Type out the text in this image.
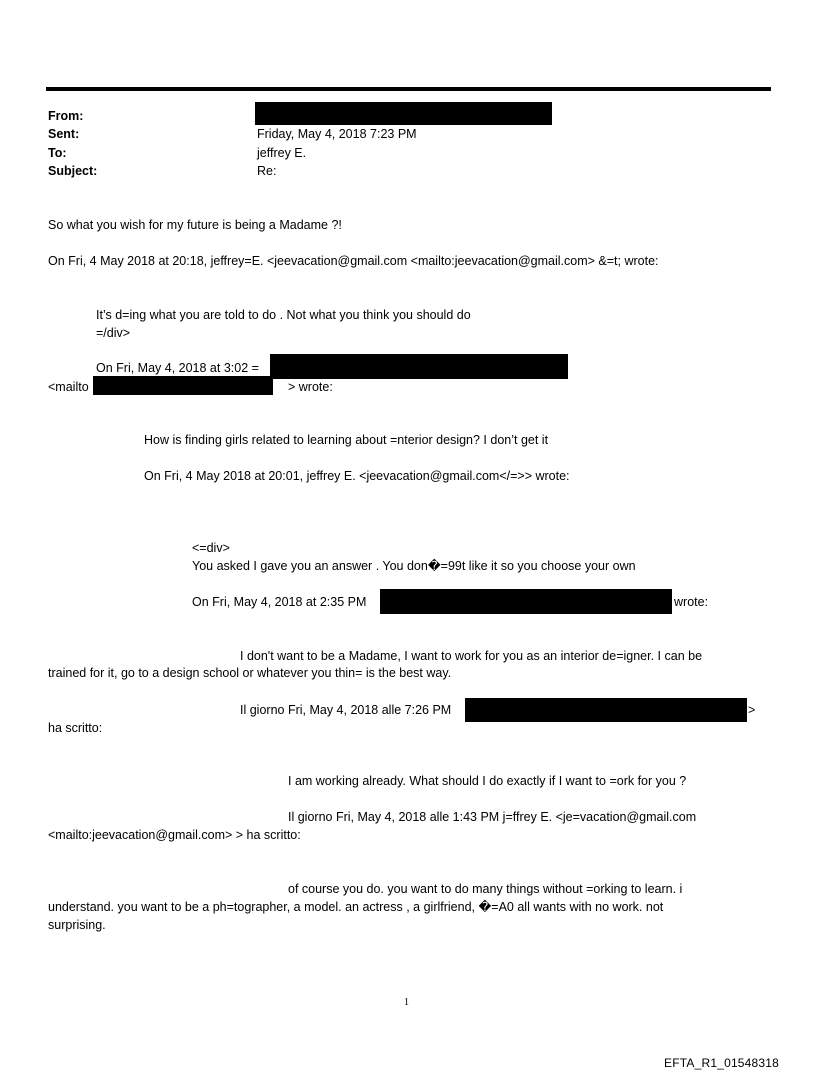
From:
Sent:	Friday, May 4, 2018 7:23 PM
To:	jeffrey E.
Subject:	Re:
So what you wish for my future is being a Madame ?!
On Fri, 4 May 2018 at 20:18, jeffrey=E. <jeevacation@gmail.com <mailto:jeevacation@gmail.com> &=t; wrote:
It’s d=ing what you are told to do . Not what you think you should do
=/div>
On Fri, May 4, 2018 at 3:02 =
<mailto	> wrote:
How is finding girls related to learning about =nterior design? I don’t get it
On Fri, 4 May 2018 at 20:01, jeffrey E. <jeevacation@gmail.com</=>> wrote:
<=div>
You asked I gave you an answer . You don�=99t like it so you choose your own
On Fri, May 4, 2018 at 2:35 PM	wrote:
I don't want to be a Madame, I want to work for you as an interior de=igner. I can be
trained for it, go to a design school or whatever you thin= is the best way.
Il giorno Fri, May 4, 2018 alle 7:26 PM	>
ha scritto:
I am working already. What should I do exactly if I want to =ork for you ?
Il giorno Fri, May 4, 2018 alle 1:43 PM j=ffrey E. <je=vacation@gmail.com
<mailto:jeevacation@gmail.com> > ha scritto:
of course you do. you want to do many things without =orking to learn. i
understand. you want to be a ph=tographer, a model. an actress , a girlfriend, �=A0 all wants with no work. not
surprising.
1
EFTA_R1_01548318
